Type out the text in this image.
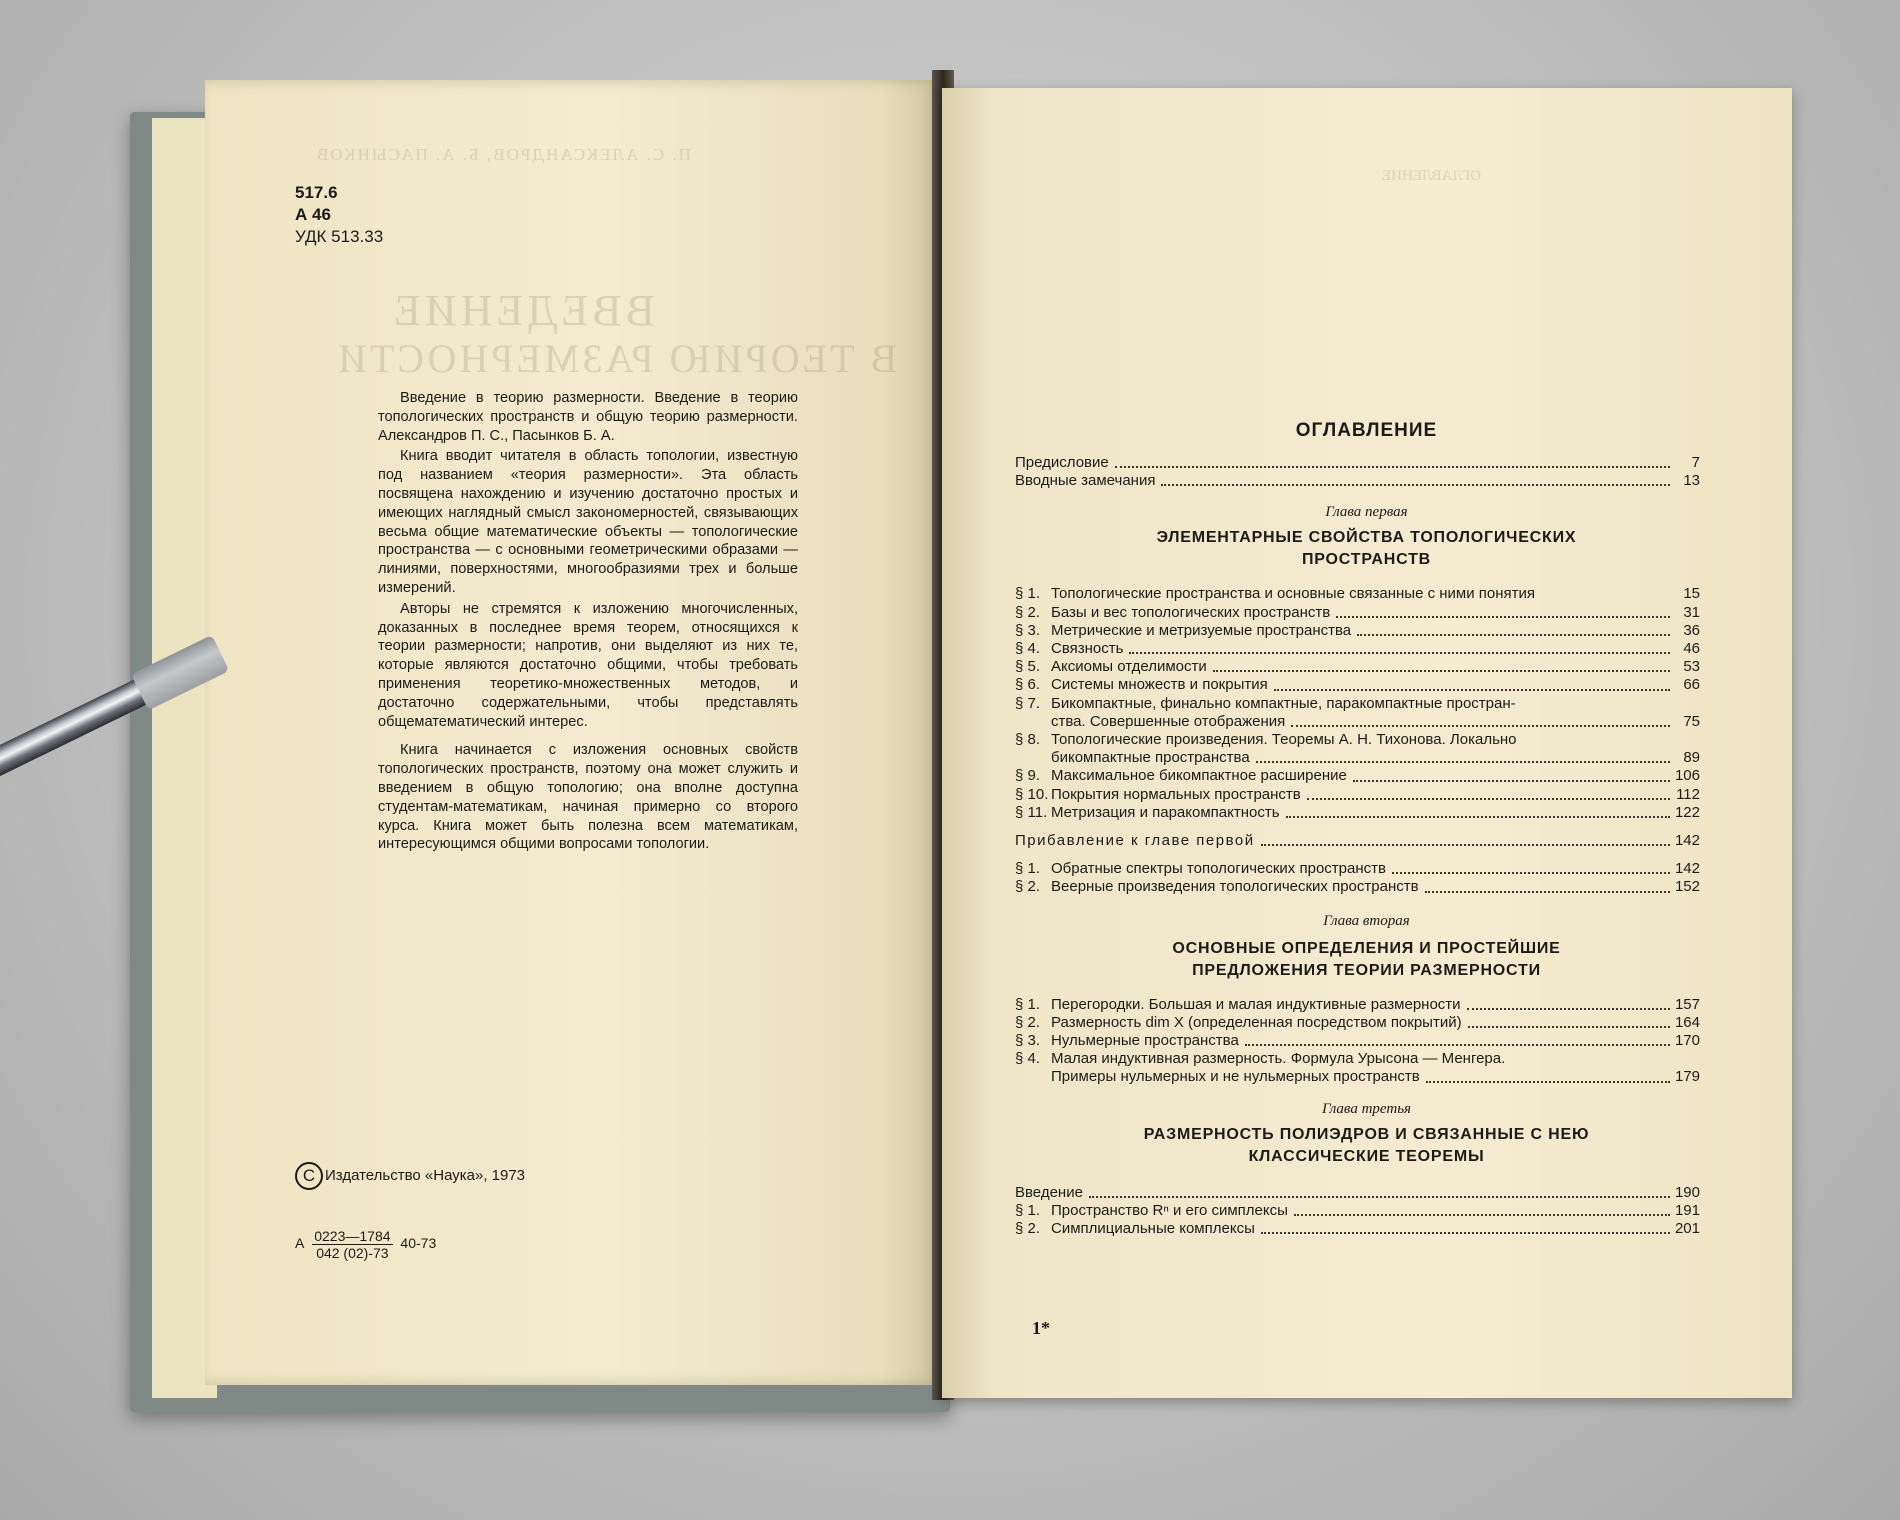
П. С. АЛЕКСАНДРОВ, Б. А. ПАСЫНКОВ
ВВЕДЕНИЕ
В ТЕОРИЮ РАЗМЕРНОСТИ
517.6
А 46
УДК 513.33

Введение в теорию размерности. Введение в теорию топологических пространств и общую теорию размерности. Александров П. С., Пасынков Б. А.

Книга вводит читателя в область топологии, известную под названием «теория размерности». Эта область посвящена нахождению и изучению достаточно простых и имеющих наглядный смысл закономерностей, связывающих весьма общие математические объекты — топологические пространства — с основными геометрическими образами — линиями, поверхностями, многообразиями трех и больше измерений.

Авторы не стремятся к изложению многочисленных, доказанных в последнее время теорем, относящихся к теории размерности; напротив, они выделяют из них те, которые являются достаточно общими, чтобы требовать применения теоретико-множественных методов, и достаточно содержательными, чтобы представлять общематематический интерес.

Книга начинается с изложения основных свойств топологических пространств, поэтому она может служить и введением в общую топологию; она вполне доступна студентам-математикам, начиная примерно со второго курса. Книга может быть полезна всем математикам, интересующимся общими вопросами топологии.

C Издательство «Наука», 1973
А $\frac{0223—1784}{042 (02)-73} 40-73$
ОГЛАВЛЕНИЕ
ОГЛАВЛЕНИЕ
Предисловие	7
Вводные замечания	13
Глава первая
ЭЛЕМЕНТАРНЫЕ СВОЙСТВА ТОПОЛОГИЧЕСКИХ
ПРОСТРАНСТВ
§ 1. Топологические пространства и основные связанные с ними понятия	15
§ 2. Базы и вес топологических пространств	31
§ 3. Метрические и метризуемые пространства	36
§ 4. Связность	46
§ 5. Аксиомы отделимости	53
§ 6. Системы множеств и покрытия	66
§ 7. Бикомпактные, финально компактные, паракомпактные простран-
ства. Совершенные отображения	75
§ 8. Топологические произведения. Теоремы А. Н. Тихонова. Локально
бикомпактные пространства	89
§ 9. Максимальное бикомпактное расширение	106
§ 10. Покрытия нормальных пространств	112
§ 11. Метризация и паракомпактность	122
Прибавление к главе первой	142
§ 1. Обратные спектры топологических пространств	142
§ 2. Веерные произведения топологических пространств	152
Глава вторая
ОСНОВНЫЕ ОПРЕДЕЛЕНИЯ И ПРОСТЕЙШИЕ
ПРЕДЛОЖЕНИЯ ТЕОРИИ РАЗМЕРНОСТИ
§ 1. Перегородки. Большая и малая индуктивные размерности	157
§ 2. Размерность dim X (определенная посредством покрытий)	164
§ 3. Нульмерные пространства	170
§ 4. Малая индуктивная размерность. Формула Урысона — Менгера.
Примеры нульмерных и не нульмерных пространств	179
Глава третья
РАЗМЕРНОСТЬ ПОЛИЭДРОВ И СВЯЗАННЫЕ С НЕЮ
КЛАССИЧЕСКИЕ ТЕОРЕМЫ
Введение	190
§ 1. Пространство Rⁿ и его симплексы	191
§ 2. Симплициальные комплексы	201
1*
